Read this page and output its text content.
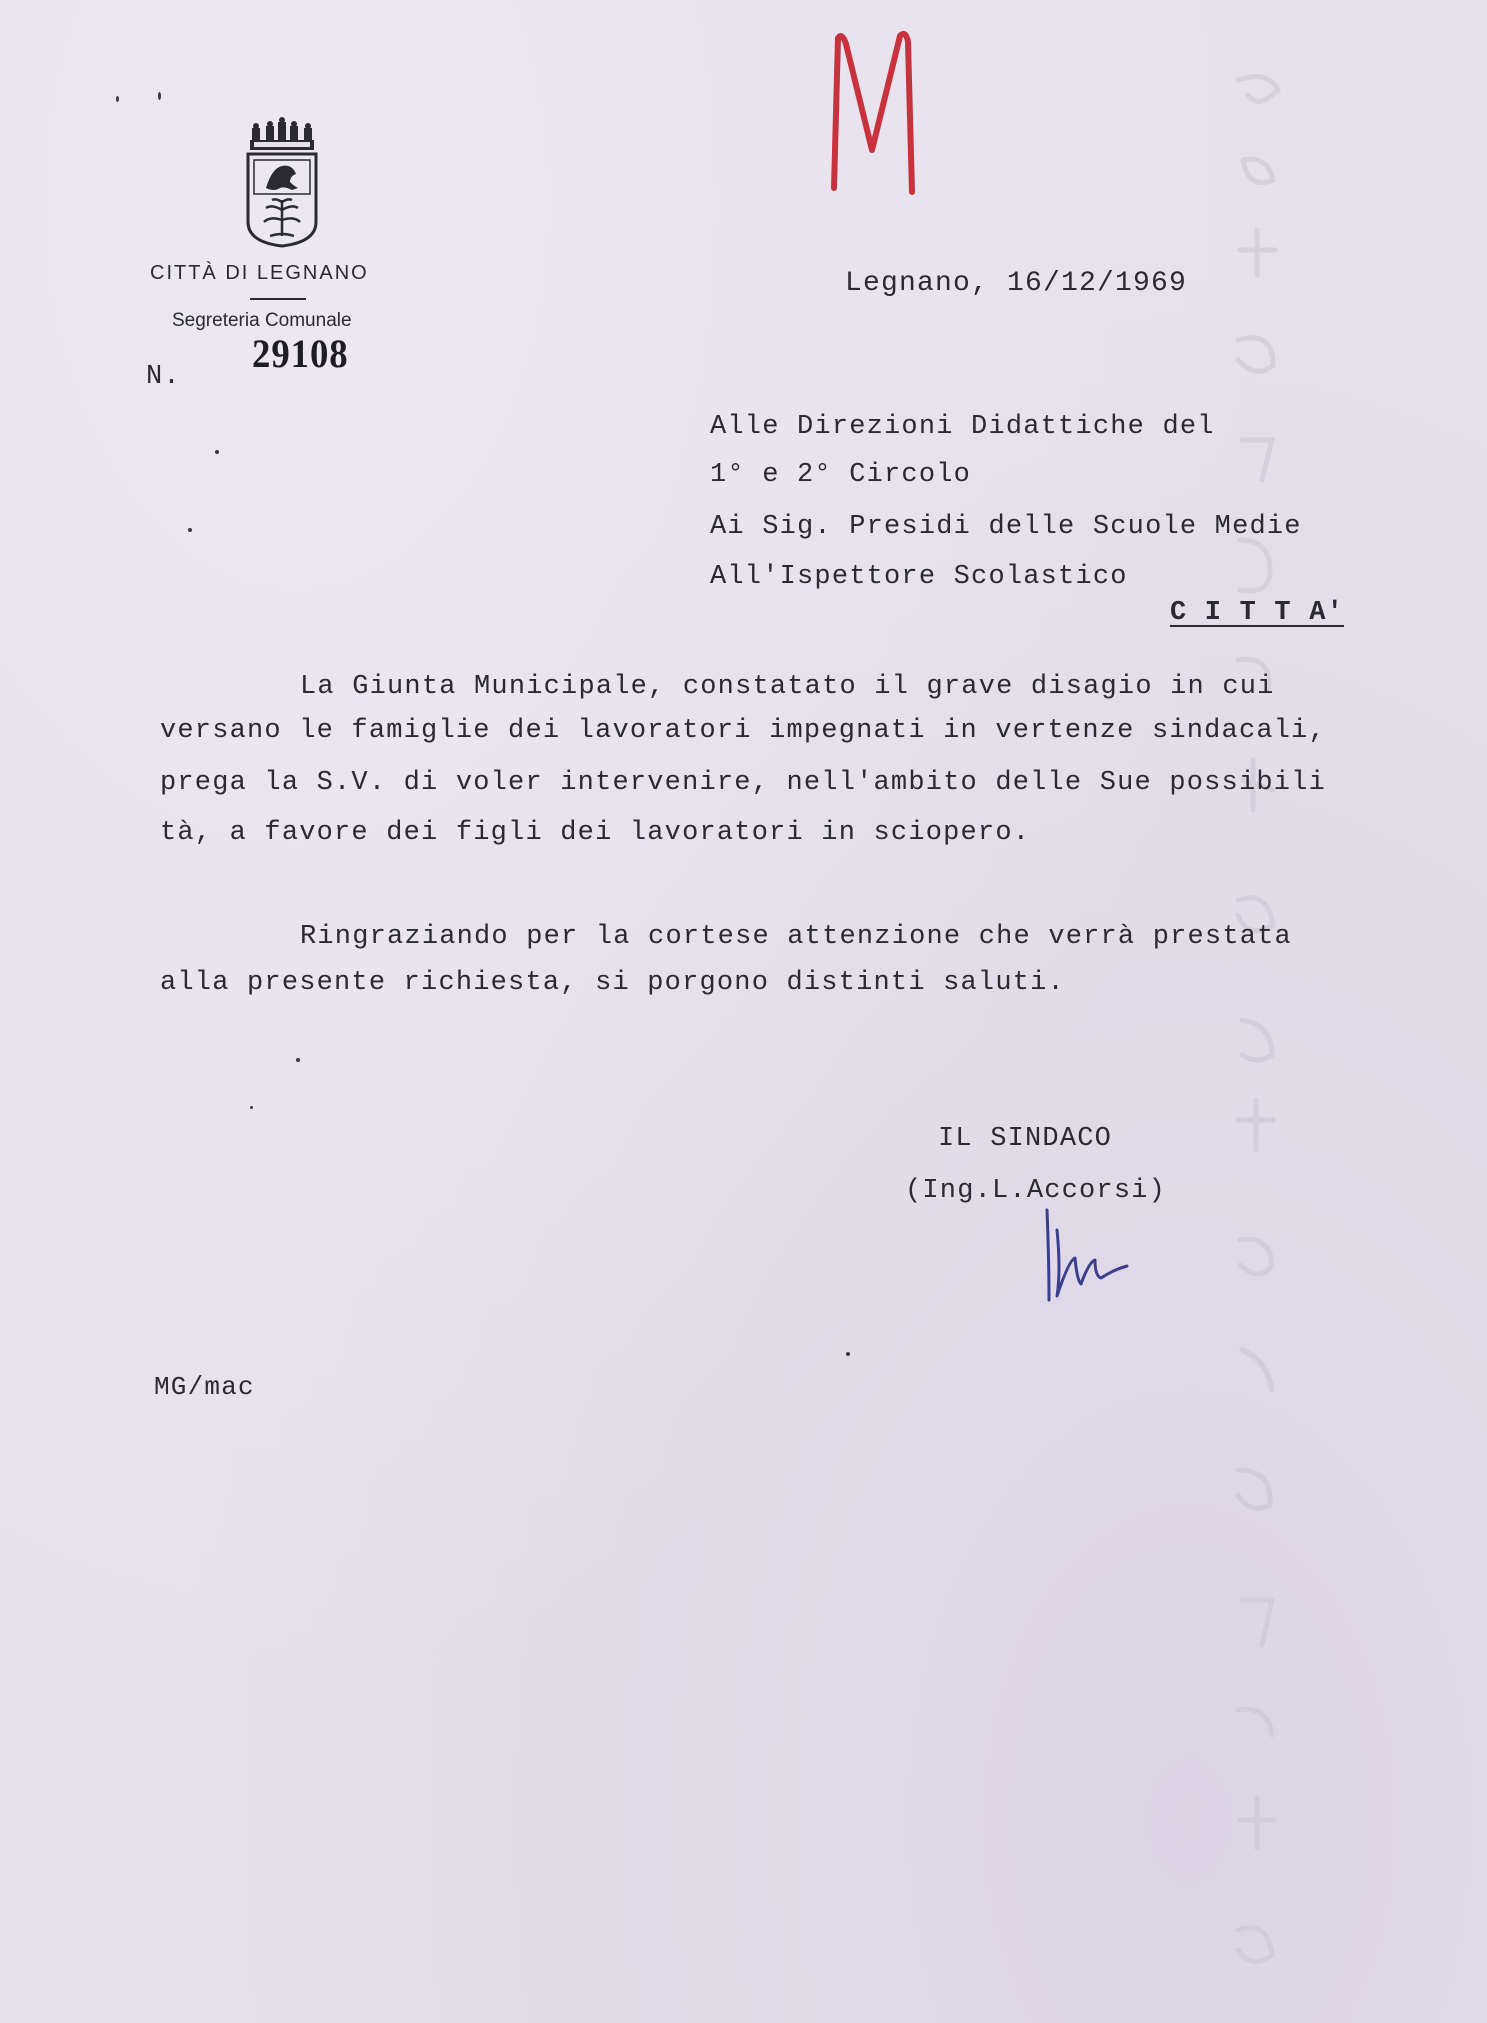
CITTÀ DI LEGNANO
Segreteria Comunale
N.
29108
M
Legnano, 16/12/1969
Alle Direzioni Didattiche del
1° e 2° Circolo
Ai Sig. Presidi delle Scuole Medie
All'Ispettore Scolastico
C I T T A'
La Giunta Municipale, constatato il grave disagio in cui
versano le famiglie dei lavoratori impegnati in vertenze sindacali,
prega la S.V. di voler intervenire, nell'ambito delle Sue possibili
tà, a favore dei figli dei lavoratori in sciopero.
Ringraziando per la cortese attenzione che verrà prestata
alla presente richiesta, si porgono distinti saluti.
IL SINDACO
(Ing.L.Accorsi)
MG/mac
